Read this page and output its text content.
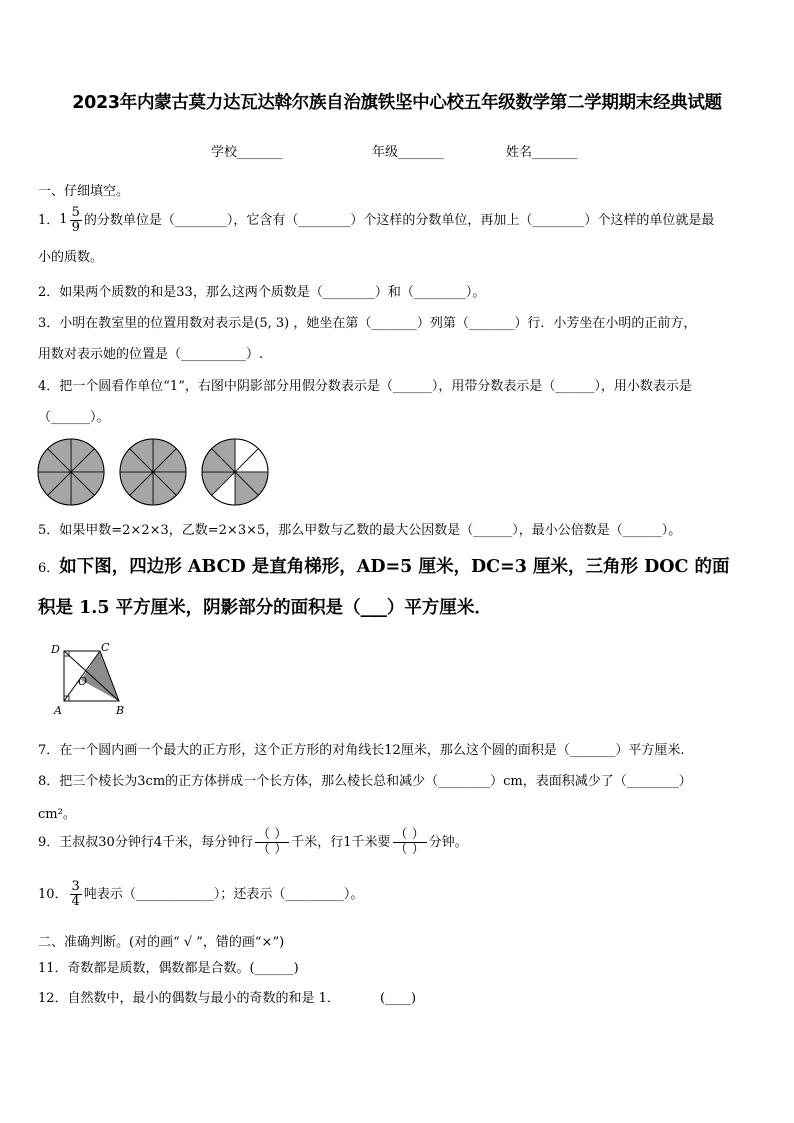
2023年内蒙古莫力达瓦达斡尔族自治旗铁坚中心校五年级数学第二学期期末经典试题
学校_______	年级_______	姓名_______
一、仔细填空。
1．$1 \frac{5}{9}$ 的分数单位是（________），它含有（________）个这样的分数单位，再加上（________）个这样的单位就是最
小的质数。
2．如果两个质数的和是33，那么这两个质数是（________）和（________）。
3．小明在教室里的位置用数对表示是(5, 3) ，她坐在第（_______）列第（_______）行．小芳坐在小明的正前方，
用数对表示她的位置是（__________）.
4．把一个圆看作单位“1”，右图中阴影部分用假分数表示是（______），用带分数表示是（______），用小数表示是
（______）。
5．如果甲数=2×2×3，乙数=2×3×5，那么甲数与乙数的最大公因数是（______），最小公倍数是（______）。
6．如下图，四边形 ABCD 是直角梯形，AD=5 厘米，DC=3 厘米，三角形 DOC 的面
积是 1.5 平方厘米，阴影部分的面积是（___）平方厘米．
D	C
O
A	B
7．在一个圆内画一个最大的正方形，这个正方形的对角线长12厘米，那么这个圆的面积是（_______）平方厘米.
8．把三个棱长为3cm的正方体拼成一个长方体，那么棱长总和减少（________）cm，表面积减少了（________）
cm²。
9．王叔叔30分钟行4千米，每分钟行 $\frac{( )}{( )}$ 千米，行1千米要 $\frac{( )}{( )}$ 分钟。
10． $\frac{3}{4}$ 吨表示（____________）；还表示（_________）。
二、准确判断。(对的画“ √ ”，错的画“×”)
11．奇数都是质数，偶数都是合数。(______)
12．自然数中，最小的偶数与最小的奇数的和是 1．	(____)
